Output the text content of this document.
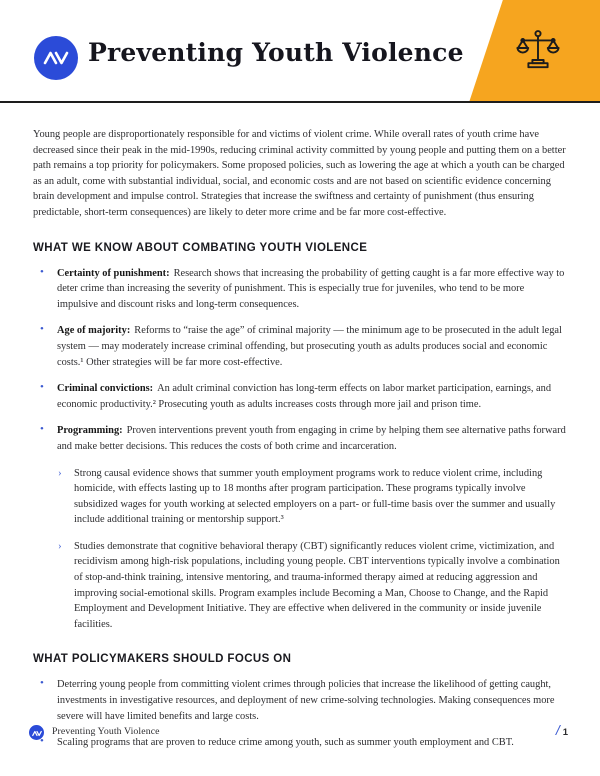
Preventing Youth Violence

Young people are disproportionately responsible for and victims of violent crime. While overall rates of youth crime have decreased since their peak in the mid-1990s, reducing criminal activity committed by young people and putting them on a better path remains a top priority for policymakers. Some proposed policies, such as lowering the age at which a youth can be charged as an adult, come with substantial individual, social, and economic costs and are not based on scientific evidence concerning brain development and impulse control. Strategies that increase the swiftness and certainty of punishment (thus ensuring predictable, short-term consequences) are likely to deter more crime and be far more cost-effective.

WHAT WE KNOW ABOUT COMBATING YOUTH VIOLENCE
•
Certainty of punishment: Research shows that increasing the probability of getting caught is a far more effective way to deter crime than increasing the severity of punishment. This is especially true for juveniles, who tend to be more impulsive and discount risks and long-term consequences.
•
Age of majority: Reforms to “raise the age” of criminal majority — the minimum age to be prosecuted in the adult legal system — may moderately increase criminal offending, but prosecuting youth as adults produces social and economic costs.¹ Other strategies will be far more cost-effective.
•
Criminal convictions: An adult criminal conviction has long-term effects on labor market participation, earnings, and economic productivity.² Prosecuting youth as adults increases costs through more jail and prison time.
•
Programming: Proven interventions prevent youth from engaging in crime by helping them see alternative paths forward and make better decisions. This reduces the costs of both crime and incarceration.
›
Strong causal evidence shows that summer youth employment programs work to reduce violent crime, including homicide, with effects lasting up to 18 months after program participation. These programs typically involve subsidized wages for youth working at selected employers on a part- or full-time basis over the summer and usually include additional training or mentorship support.³
›
Studies demonstrate that cognitive behavioral therapy (CBT) significantly reduces violent crime, victimization, and recidivism among high-risk populations, including young people. CBT interventions typically involve a combination of stop-and-think training, intensive mentoring, and trauma-informed therapy aimed at reducing aggression and improving social-emotional skills. Program examples include Becoming a Man, Choose to Change, and the Rapid Employment and Development Initiative. They are effective when delivered in the community or inside juvenile facilities.
WHAT POLICYMAKERS SHOULD FOCUS ON
•
Deterring young people from committing violent crimes through policies that increase the likelihood of getting caught, investments in investigative resources, and deployment of new crime-solving technologies. Making consequences more severe will have limited benefits and large costs.
•
Scaling programs that are proven to reduce crime among youth, such as summer youth employment and CBT.
Preventing Youth Violence	/ 1
